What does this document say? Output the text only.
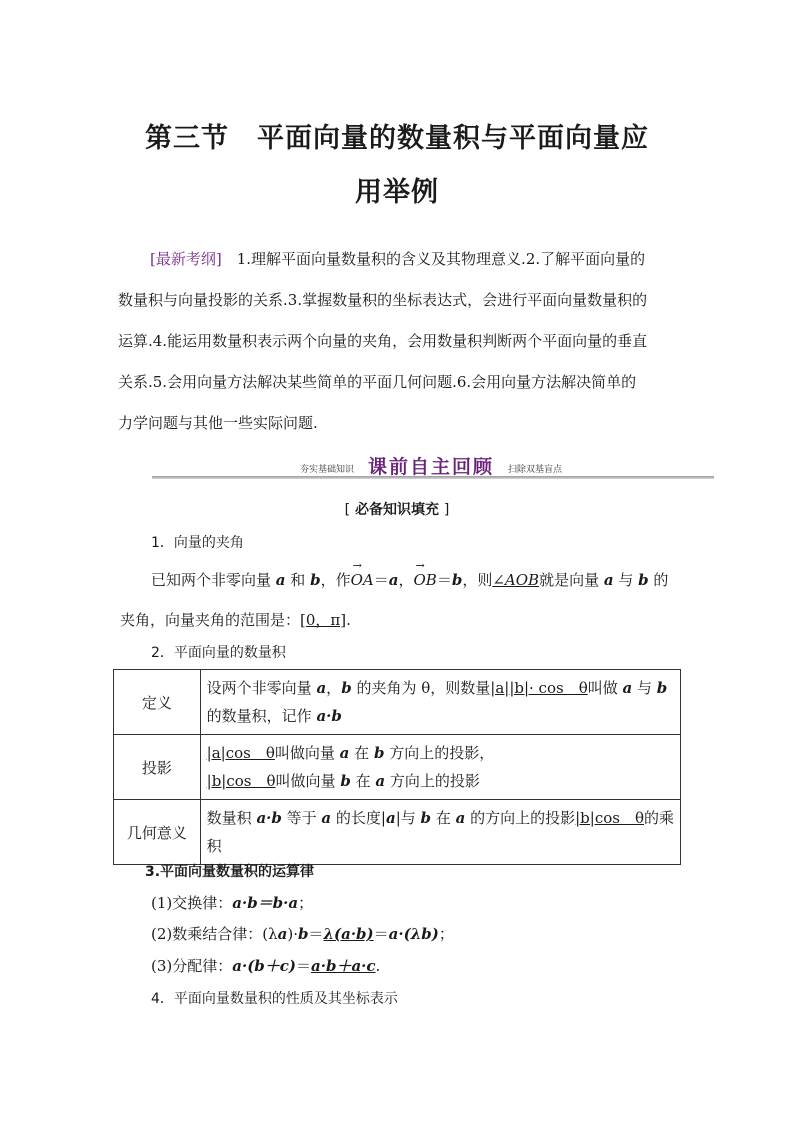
第三节　平面向量的数量积与平面向量应
用举例
[最新考纲]　 1.理解平面向量数量积的含义及其物理意义.2.了解平面向量的
数量积与向量投影的关系.3.掌握数量积的坐标表达式，会进行平面向量数量积的
运算.4.能运用数量积表示两个向量的夹角，会用数量积判断两个平面向量的垂直
关系.5.会用向量方法解决某些简单的平面几何问题.6.会用向量方法解决简单的
力学问题与其他一些实际问题.
夯实基础知识 课前自主回顾 扫除双基盲点
[ 必备知识填充 ]
1．向量的夹角
已知两个非零向量 a 和 b，作→ OA＝a，→ OB＝b，则∠AOB就是向量 a 与 b 的
夹角，向量夹角的范围是：[0，π].
2．平面向量的数量积
定义	设两个非零向量 a，b 的夹角为 θ，则数量|a||b|· cos　θ叫做 a 与 b
的数量积，记作 a·b

投影	|a|cos　θ叫做向量 a 在 b 方向上的投影，
|b|cos　θ叫做向量 b 在 a 方向上的投影

几何意义	数量积 a·b 等于 a 的长度|a|与 b 在 a 的方向上的投影|b|cos　θ的乘
积
3.平面向量数量积的运算律
(1)交换律：a·b＝b·a；
(2)数乘结合律：(λa)·b＝λ(a·b)＝a·(λb)；
(3)分配律：a·(b＋c)＝a·b＋a·c.
4．平面向量数量积的性质及其坐标表示
